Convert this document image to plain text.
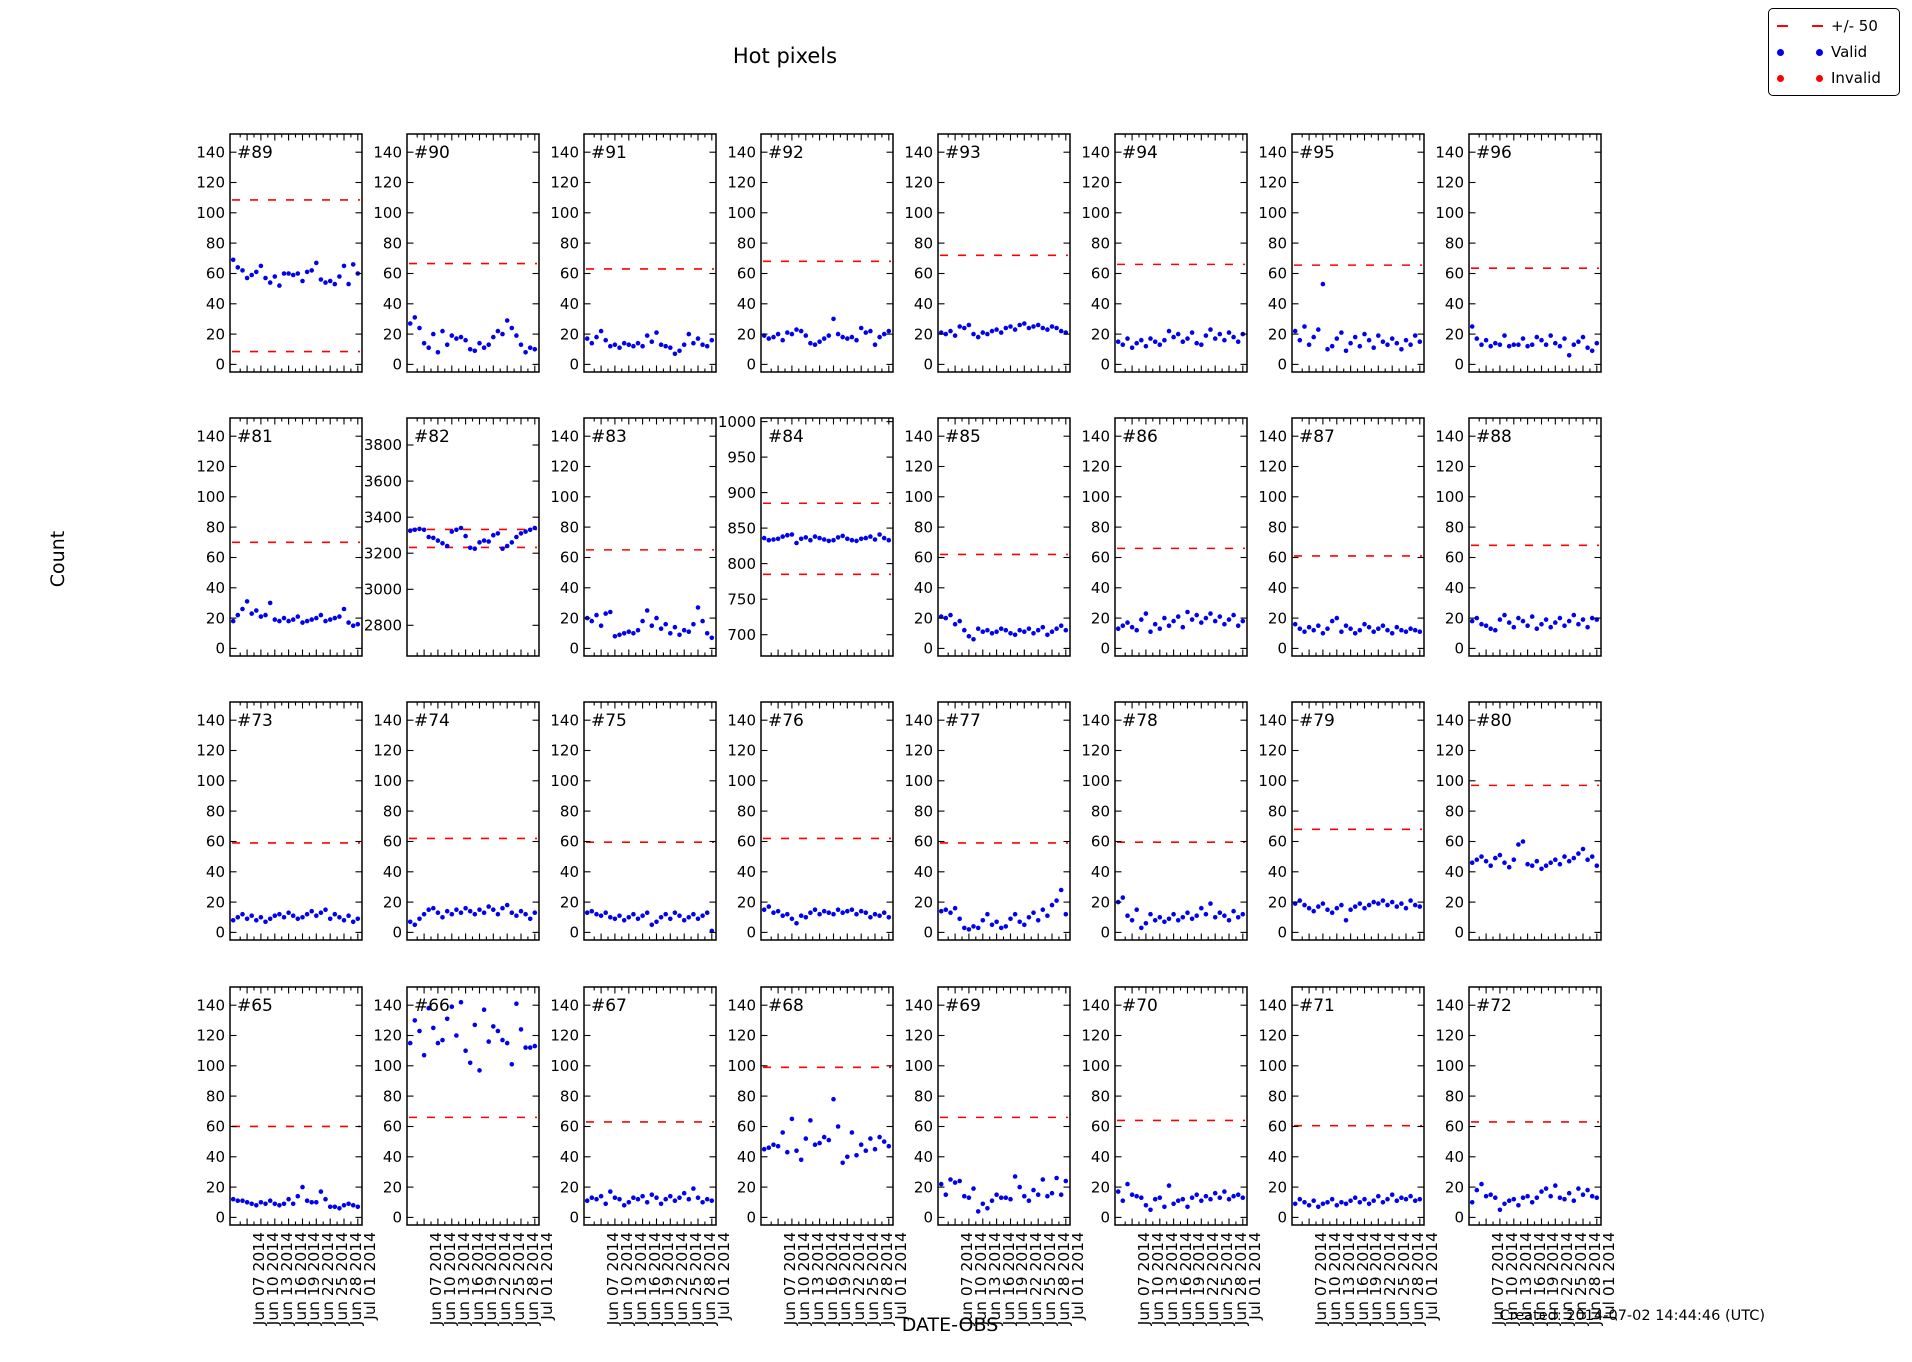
0
20
40
60
80
100
120
140 #89
0
20
40
60
80
100
120
140 #90
0
20
40
60
80
100
120
140 #91
0
20
40
60
80
100
120
140 #92
0
20
40
60
80
100
120
140 #93
0
20
40
60
80
100
120
140 #94
0
20
40
60
80
100
120
140 #95
0
20
40
60
80
100
120
140 #96
0
20
40
60
80
100
120
140 #81
2800
3000
3200
3400
3600
3800 #82
0
20
40
60
80
100
120
140 #83
700
750
800
850
900
950
1000
#84
0
20
40
60
80
100
120
140 #85
0
20
40
60
80
100
120
140 #86
0
20
40
60
80
100
120
140 #87
0
20
40
60
80
100
120
140 #88
0
20
40
60
80
100
120
140 #73
0
20
40
60
80
100
120
140 #74
0
20
40
60
80
100
120
140 #75
0
20
40
60
80
100
120
140 #76
0
20
40
60
80
100
120
140 #77
0
20
40
60
80
100
120
140 #78
0
20
40
60
80
100
120
140 #79
0
20
40
60
80
100
120
140 #80
0
20
40
60
80
100
120
140 #65
0
20
40
60
80
100
120
140 #66
0
20
40
60
80
100
120
140 #67
0
20
40
60
80
100
120
140 #68
0
20
40
60
80
100
120
140 #69
0
20
40
60
80
100
120
140 #70
0
20
40
60
80
100
120
140 #71
0
20
40
60
80
100
120
140 #72
Hot pixels
Count
DATE-OBS	Created: 2014-07-02 14:44:46 (UTC)
+/- 50
Valid
Invalid
Jun 07 2014
Jun 10 2014
Jun 13 2014
Jun 16 2014
Jun 19 2014
Jun 22 2014
Jun 25 2014
Jun 28 2014
Jul 01 2014	Jun 07 2014
Jun 10 2014
Jun 13 2014
Jun 16 2014
Jun 19 2014
Jun 22 2014
Jun 25 2014
Jun 28 2014
Jul 01 2014	Jun 07 2014
Jun 10 2014
Jun 13 2014
Jun 16 2014
Jun 19 2014
Jun 22 2014
Jun 25 2014
Jun 28 2014
Jul 01 2014	Jun 07 2014
Jun 10 2014
Jun 13 2014
Jun 16 2014
Jun 19 2014
Jun 22 2014
Jun 25 2014
Jun 28 2014
Jul 01 2014	Jun 07 2014
Jun 10 2014
Jun 13 2014
Jun 16 2014
Jun 19 2014
Jun 22 2014
Jun 25 2014
Jun 28 2014
Jul 01 2014	Jun 07 2014
Jun 10 2014
Jun 13 2014
Jun 16 2014
Jun 19 2014
Jun 22 2014
Jun 25 2014
Jun 28 2014
Jul 01 2014	Jun 07 2014
Jun 10 2014
Jun 13 2014
Jun 16 2014
Jun 19 2014
Jun 22 2014
Jun 25 2014
Jun 28 2014
Jul 01 2014	Jun 07 2014
Jun 10 2014
Jun 13 2014
Jun 16 2014
Jun 19 2014
Jun 22 2014
Jun 25 2014
Jun 28 2014
Jul 01 2014
